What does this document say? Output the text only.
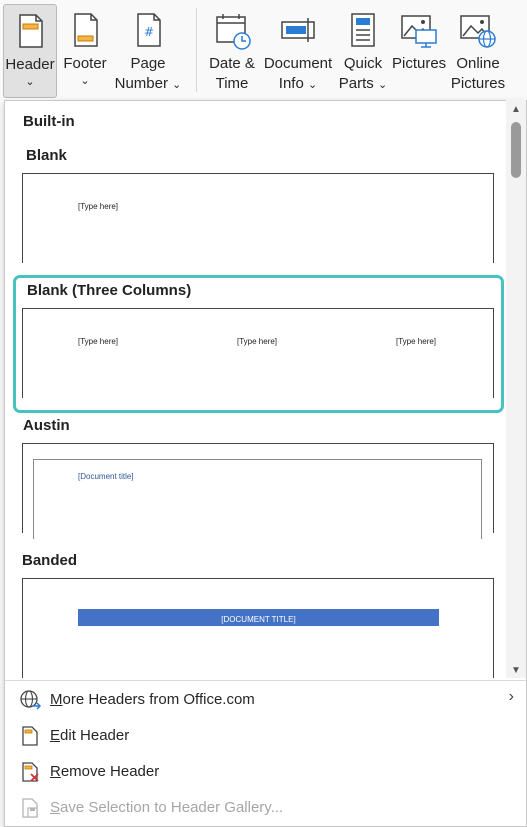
Header
⌄
Footer
⌄
#
Page
Number ⌄
Date &
Time
Document
Info ⌄
Quick
Parts ⌄
Pictures Online
Pictures
Built-in
Blank
[Type here]
Blank (Three Columns)
[Type here]	[Type here]	[Type here]
Austin
[Document title]
Banded
[DOCUMENT TITLE]
▲
▼
More Headers from Office.com	›
Edit Header
Remove Header
Save Selection to Header Gallery...
